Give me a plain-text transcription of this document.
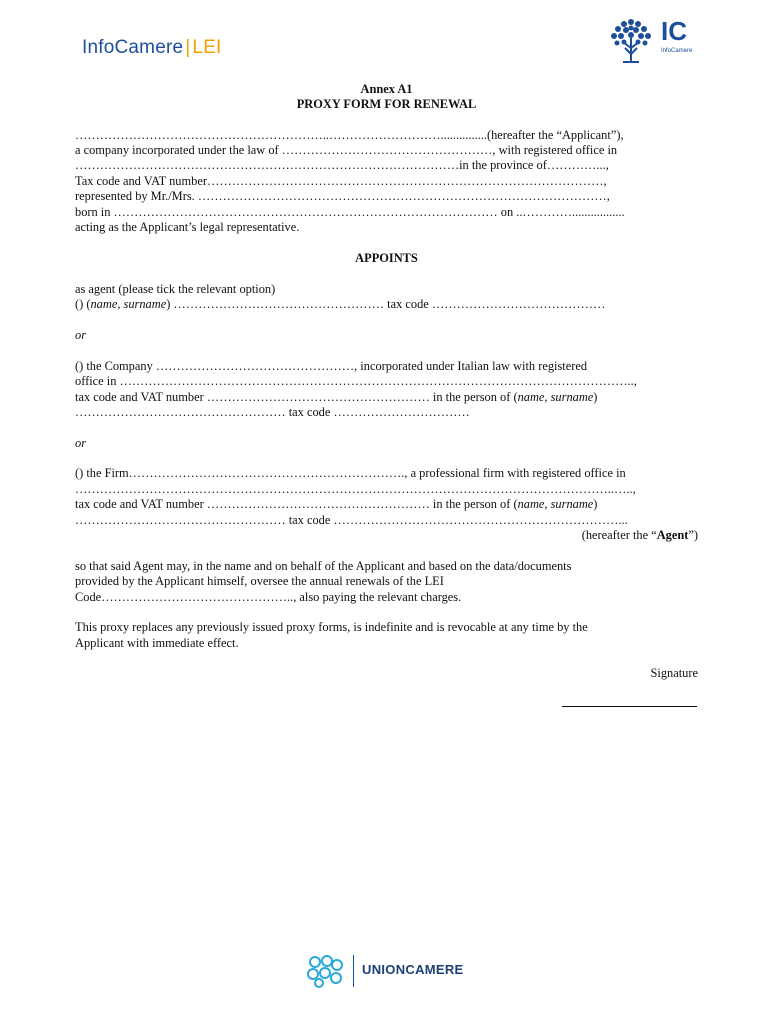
InfoCamere | LEI
IC
InfoCamere
Annex A1
PROXY FORM FOR RENEWAL
……………………………………………………..………………………...............(hereafter the “Applicant”),
a company incorporated under the law of ……………………………………………, with registered office in
…………………………………………………………………………………in the province of…………...,
Tax code and VAT number……………………………………………………………………………………,
represented by Mr./Mrs. ………………………………………………………………………………………,
born in ………………………………………………………………………………… on ..………….................
acting as the Applicant’s legal representative.
APPOINTS
as agent (please tick the relevant option)
() (name, surname) …………………………………………… tax code ……………………………………
or
() the Company …………………………………………, incorporated under Italian law with registered
office in ……………………………………………………………………………………………………………..,
tax code and VAT number ……………………………………………… in the person of (name, surname)
…………………………………………… tax code ……………………………
or
() the Firm…………………………………………………………., a professional firm with registered office in
…………………………………………………………………………………………………………………..…..,
tax code and VAT number ……………………………………………… in the person of (name, surname)
…………………………………………… tax code ……………………………………………………………...
(hereafter the “Agent”)
so that said Agent may, in the name and on behalf of the Applicant and based on the data/documents
provided by the Applicant himself, oversee the annual renewals of the LEI
Code……………………………………….., also paying the relevant charges.
This proxy replaces any previously issued proxy forms, is indefinite and is revocable at any time by the
Applicant with immediate effect.
Signature
UNIONCAMERE
